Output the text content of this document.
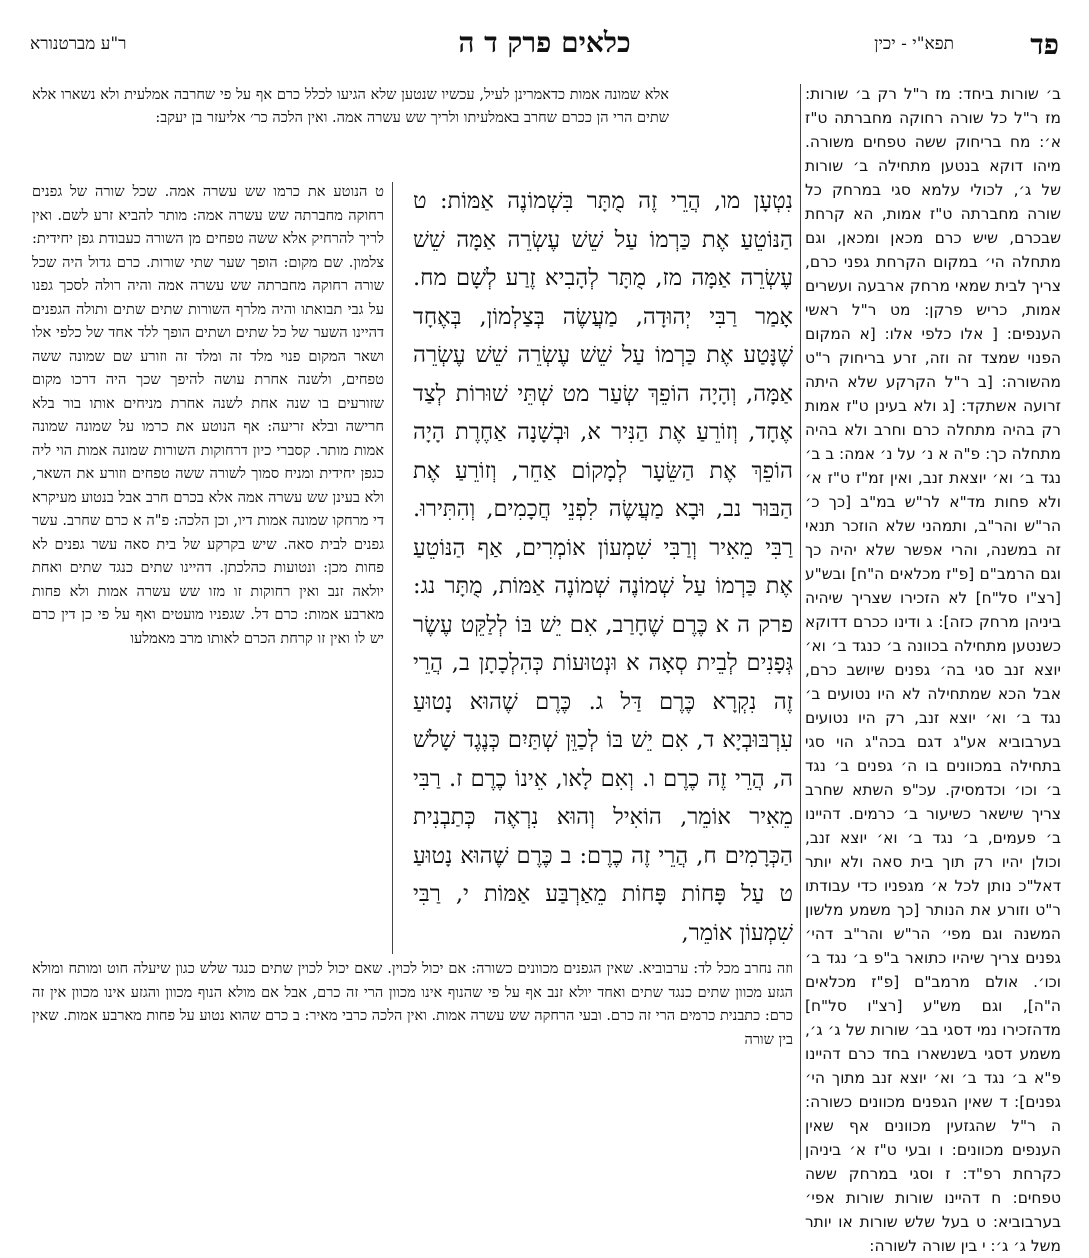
פד
תפא"י - יכין
כלאים פרק ד ה
ר"ע מברטנורא

ב׳ שורות ביחד: מז ר"ל רק ב׳ שורות: מז ר"ל כל שורה רחוקה מחברתה ט"ז א׳: מח בריחוק ששה טפחים משורה. מיהו דוקא בנטען מתחילה ב׳ שורות של ג׳, לכולי עלמא סגי במרחק כל שורה מחברתה ט"ז אמות, הא קרחת שבכרם, שיש כרם מכאן ומכאן, וגם מתחלה הי׳ במקום הקרחת גפני כרם, צריך לבית שמאי מרחק ארבעה ועשרים אמות, כריש פרקן: מט ר"ל ראשי הענפים: [ אלו כלפי אלו: [א המקום הפנוי שמצד זה וזה, זרע בריחוק ר"ט מהשורה: [ב ר"ל הקרקע שלא היתה זרועה אשתקד: [ג ולא בעינן ט"ז אמות רק בהיה מתחלה כרם וחרב ולא בהיה מתחלה כך: פ"ה א נ׳ על נ׳ אמה: ב ב׳ נגד ב׳ וא׳ יוצאת זנב, ואין זמ"ז ט"ז א׳ ולא פחות מד"א לר"ש במ"ב [כך כ׳ הר"ש והר"ב, ותמהני שלא הוזכר תנאי זה במשנה, והרי אפשר שלא יהיה כך וגם הרמב"ם [פ"ז מכלאים ה"ח] ובש"ע [רצ"ו סל"ח] לא הזכירו שצריך שיהיה ביניהן מרחק כזה]: ג ודינו ככרם דדוקא כשנטען מתחילה בכוונה ב׳ כנגד ב׳ וא׳ יוצא זנב סגי בה׳ גפנים שיושב כרם, אבל הכא שמתחילה לא היו נטועים ב׳ נגד ב׳ וא׳ יוצא זנב, רק היו נטועים בערבוביא אע"ג דגם בכה"ג הוי סגי בתחילה במכוונים בו ה׳ גפנים ב׳ נגד ב׳ וכו׳ וכדמסיק. עכ"פ השתא שחרב צריך שישאר כשיעור ב׳ כרמים. דהיינו ב׳ פעמים, ב׳ נגד ב׳ וא׳ יוצא זנב, וכולן יהיו רק תוך בית סאה ולא יותר דאל"כ נותן לכל א׳ מגפניו כדי עבודתו ר"ט וזורע את הנותר [כך משמע מלשון המשנה וגם מפי׳ הר"ש והר"ב דהי׳ גפנים צריך שיהיו כתואר ב"פ ב׳ נגד ב׳ וכו׳. אולם מרמב"ם [פ"ז מכלאים ה"ה], וגם מש"ע [רצ"ו סל"ח] מדהזכירו נמי דסגי בב׳ שורות של ג׳ ג׳, משמע דסגי בשנשארו בחד כרם דהיינו פ"א ב׳ נגד ב׳ וא׳ יוצא זנב מתוך הי׳ גפנים]: ד שאין הגפנים מכוונים כשורה: ה ר"ל שהגזעין מכוונים אף שאין הענפים מכוונים: ו ובעי ט"ז א׳ ביניהן כקרחת רפ"ד: ז וסגי במרחק ששה טפחים: ח דהיינו שורות שורות אפי׳ בערבוביא: ט בעל שלש שורות או יותר משל ג׳ ג׳: י בין שורה לשורה:

אלא שמונה אמות כדאמרינן לעיל, עכשיו שנטען שלא הגיעו לכלל כרם אף על פי שחרבה אמלעית ולא נשארו אלא שתים הרי הן ככרם שחרב באמלעיתו ולריך שש עשרה אמה. ואין הלכה כר׳ אליעזר בן יעקב:

נִטְעָן מו, הֲרֵי זֶה מֻתָּר בִּשְׁמוֹנֶה אַמּוֹת: ט הַנּוֹטֵעַ אֶת כַּרְמוֹ עַל שֵׁשׁ עֶשְׂרֵה אַמָּה שֵׁשׁ עֶשְׂרֵה אַמָּה מז, מֻתָּר לְהָבִיא זֶרַע לְשָׁם מח. אָמַר רַבִּי יְהוּדָה, מַעֲשֶׂה בְּצַלְמוֹן, בְּאֶחָד שֶׁנָּטַע אֶת כַּרְמוֹ עַל שֵׁשׁ עֶשְׂרֵה שֵׁשׁ עֶשְׂרֵה אַמָּה, וְהָיָה הוֹפֵךְ שְׂעַר מט שְׁתֵּי שׁוּרוֹת לְצַד אֶחָד, וְזוֹרֵעַ אֶת הַנִּיר א, וּבְשָׁנָה אַחֶרֶת הָיָה הוֹפֵךְ אֶת הַשֵּׂעָר לְמָקוֹם אַחֵר, וְזוֹרֵעַ אֶת הַבּוּר נב, וּבָא מַעֲשֶׂה לִפְנֵי חֲכָמִים, וְהִתִּירוּ. רַבִּי מֵאִיר וְרַבִּי שִׁמְעוֹן אוֹמְרִים, אַף הַנּוֹטֵעַ אֶת כַּרְמוֹ עַל שְׁמוֹנֶה שְׁמוֹנֶה אַמּוֹת, מֻתָּר נג: פרק ה א כֶּרֶם שֶׁחָרַב, אִם יֵשׁ בּוֹ לְלַקֵּט עֶשֶׂר גְּפָנִים לְבֵית סְאָה א וּנְטוּעוֹת כְּהִלְכָתָן ב, הֲרֵי זֶה נִקְרָא כֶּרֶם דַּל ג. כֶּרֶם שֶׁהוּא נָטוּעַ עִרְבּוּבְיָא ד, אִם יֵשׁ בּוֹ לְכַוֵּן שְׁתַּיִם כְּנֶגֶד שָׁלֹשׁ ה, הֲרֵי זֶה כֶרֶם ו. וְאִם לָאו, אֵינוֹ כֶרֶם ז. רַבִּי מֵאִיר אוֹמֵר, הוֹאִיל וְהוּא נִרְאֶה כְּתַבְנִית הַכְּרָמִים ח, הֲרֵי זֶה כֶרֶם: ב כֶּרֶם שֶׁהוּא נָטוּעַ ט עַל פָּחוֹת פָּחוֹת מֵאַרְבַּע אַמּוֹת י, רַבִּי שִׁמְעוֹן אוֹמֵר,

ט הנוטע את כרמו שש עשרה אמה. שכל שורה של גפנים רחוקה מחברתה שש עשרה אמה: מותר להביא זרע לשם. ואין לריך להרחיק אלא ששה טפחים מן השורה כעבודת גפן יחידית: צלמון. שם מקום: הופך שער שתי שורות. כרם גדול היה שכל שורה רחוקה מחברתה שש עשרה אמה והיה רולה לסכך גפנו על גבי תבואתו והיה מלרף השורות שתים שתים ותולה הגפנים דהיינו השער של כל שתים ושתים הופך ללד אחד של כלפי אלו ושאר המקום פנוי מלד זה ומלד זה וזורע שם שמונה ששה טפחים, ולשנה אחרת עושה להיפך שכך היה דרכו מקום שזורעים בו שנה אחת לשנה אחרת מניחים אותו בור בלא חרישה ובלא זריעה: אף הנוטע את כרמו על שמונה שמונה אמות מותר. קסברי כיון דרחוקות השורות שמונה אמות הוי ליה כגפן יחידית ומניח סמוך לשורה ששה טפחים וזורע את השאר, ולא בעינן שש עשרה אמה אלא בכרם חרב אבל בנטוע מעיקרא די מרחקו שמונה אמות דיו, וכן הלכה: פ"ה א כרם שחרב. עשר גפנים לבית סאה. שיש בקרקע של בית סאה עשר גפנים לא פחות מכן: ונטועות כהלכתן. דהיינו שתים כנגד שתים ואחת יולאה זנב ואין רחוקות זו מזו שש עשרה אמות ולא פחות מארבע אמות: כרם דל. שגפניו מועטים ואף על פי כן דין כרם יש לו ואין זו קרחת הכרם לאותו מרב מאמלעו

וזה נחרב מכל לד: ערבוביא. שאין הגפנים מכוונים כשורה: אם יכול לכוין. שאם יכול לכוין שתים כנגד שלש כגון שיעלה חוט ומותח ומולא הגזע מכוון שתים כנגד שתים ואחד יולא זנב אף על פי שהנוף אינו מכוון הרי זה כרם, אבל אם מולא הנוף מכוון והגזע אינו מכוון אין זה כרם: כתבנית כרמים הרי זה כרם. ובעי הרחקה שש עשרה אמות. ואין הלכה כרבי מאיר: ב כרם שהוא נטוע על פחות מארבע אמות. שאין בין שורה
